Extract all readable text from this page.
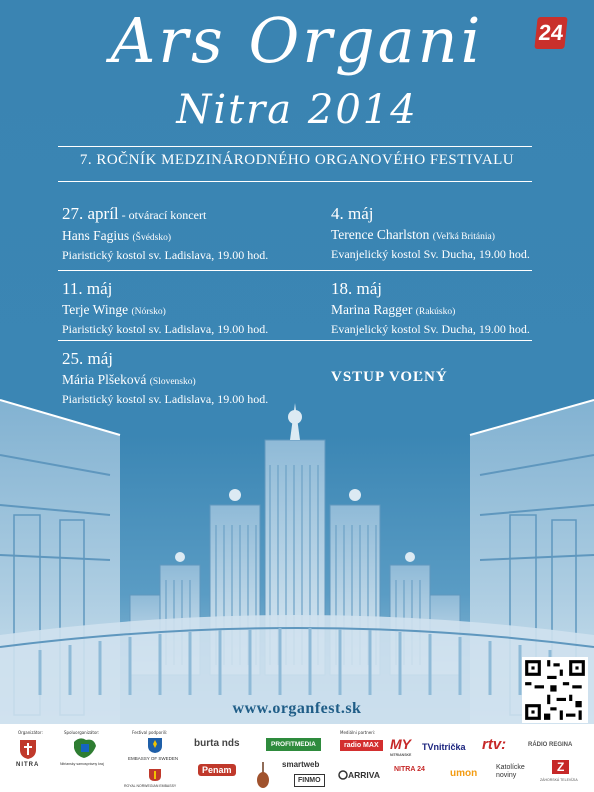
Ars Organi
Nitra 2014
24
7. ROČNÍK MEDZINÁRODNÉHO ORGANOVÉHO FESTIVALU
27. apríl - otvárací koncert
Hans Fagius (Švédsko)
Piaristický kostol sv. Ladislava, 19.00 hod.
4. máj
Terence Charlston (Veľká Británia)
Evanjelický kostol Sv. Ducha, 19.00 hod.
11. máj
Terje Winge (Nórsko)
Piaristický kostol sv. Ladislava, 19.00 hod.
18. máj
Marina Ragger (Rakúsko)
Evanjelický kostol Sv. Ducha, 19.00 hod.
25. máj
Mária Plšeková (Slovensko)
Piaristický kostol sv. Ladislava, 19.00 hod.
VSTUP VOĽNÝ
www.organfest.sk
Organizátor:	Spoluorganizátor:	Festival podporili:	Mediálni partneri:
NITRA	Nitriansky samosprávny kraj
EMBASSY OF SWEDEN
ROYAL NORWEGIAN EMBASSY
burta nds
Penam
PROFITMEDIA
smartweb
FINMO
radio MAX MY
NITRIANSKE
TVnitrička rtv:	RÁDIO REGINA
ARRIVA
NITRA 24	umon
Katolícke noviny
Z
ZÁHORSKÁ TELEVÍZIA
